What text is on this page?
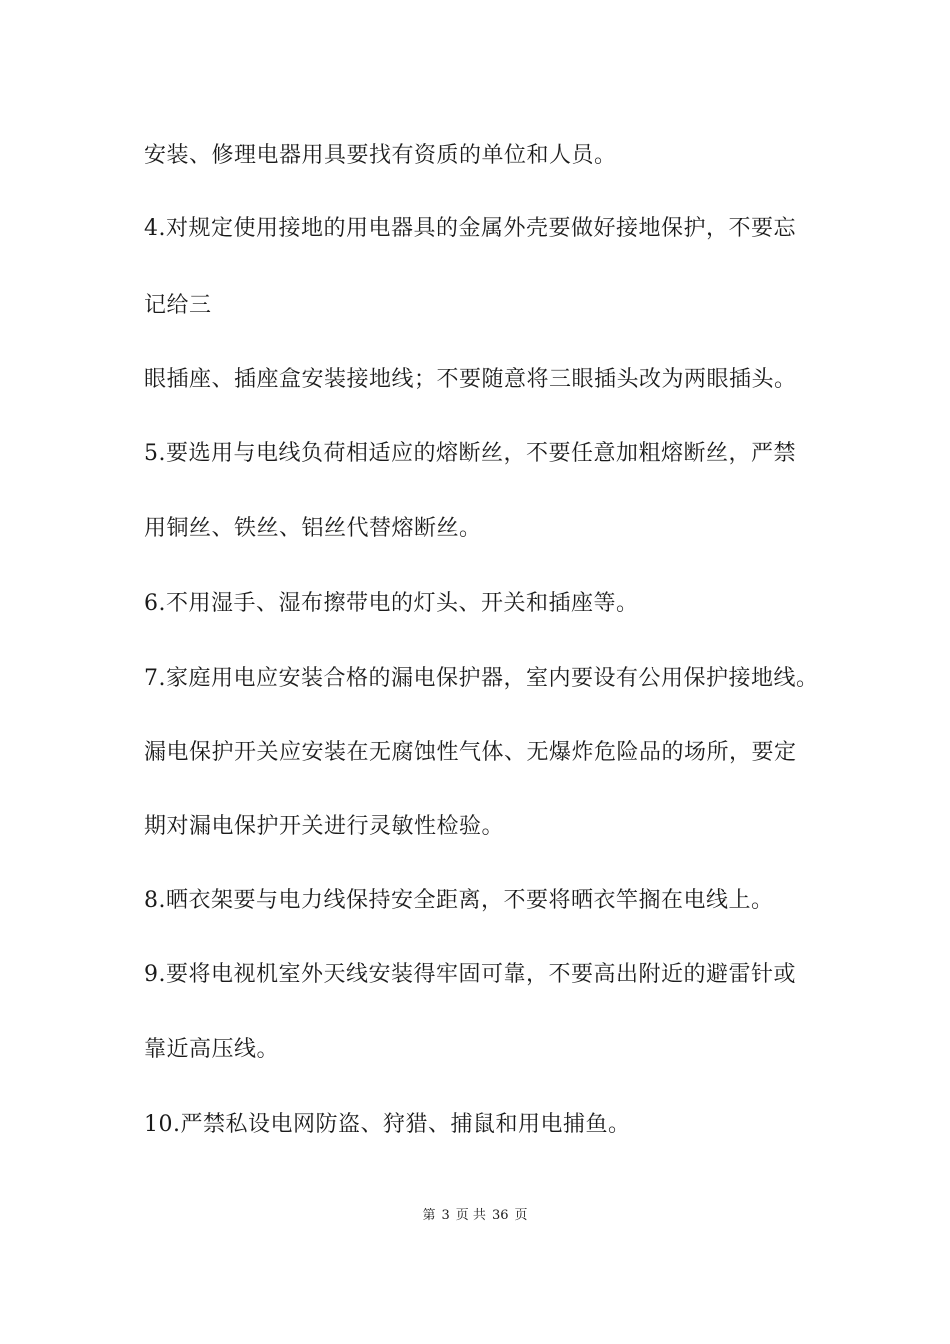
安装、修理电器用具要找有资质的单位和人员。

4.对规定使用接地的用电器具的金属外壳要做好接地保护，不要忘

记给三

眼插座、插座盒安装接地线；不要随意将三眼插头改为两眼插头。

5.要选用与电线负荷相适应的熔断丝，不要任意加粗熔断丝，严禁

用铜丝、铁丝、铝丝代替熔断丝。

6.不用湿手、湿布擦带电的灯头、开关和插座等。

7.家庭用电应安装合格的漏电保护器，室内要设有公用保护接地线。

漏电保护开关应安装在无腐蚀性气体、无爆炸危险品的场所，要定

期对漏电保护开关进行灵敏性检验。

8.晒衣架要与电力线保持安全距离，不要将晒衣竿搁在电线上。

9.要将电视机室外天线安装得牢固可靠，不要高出附近的避雷针或

靠近高压线。

10.严禁私设电网防盗、狩猎、捕鼠和用电捕鱼。

第 3 页 共 36 页
